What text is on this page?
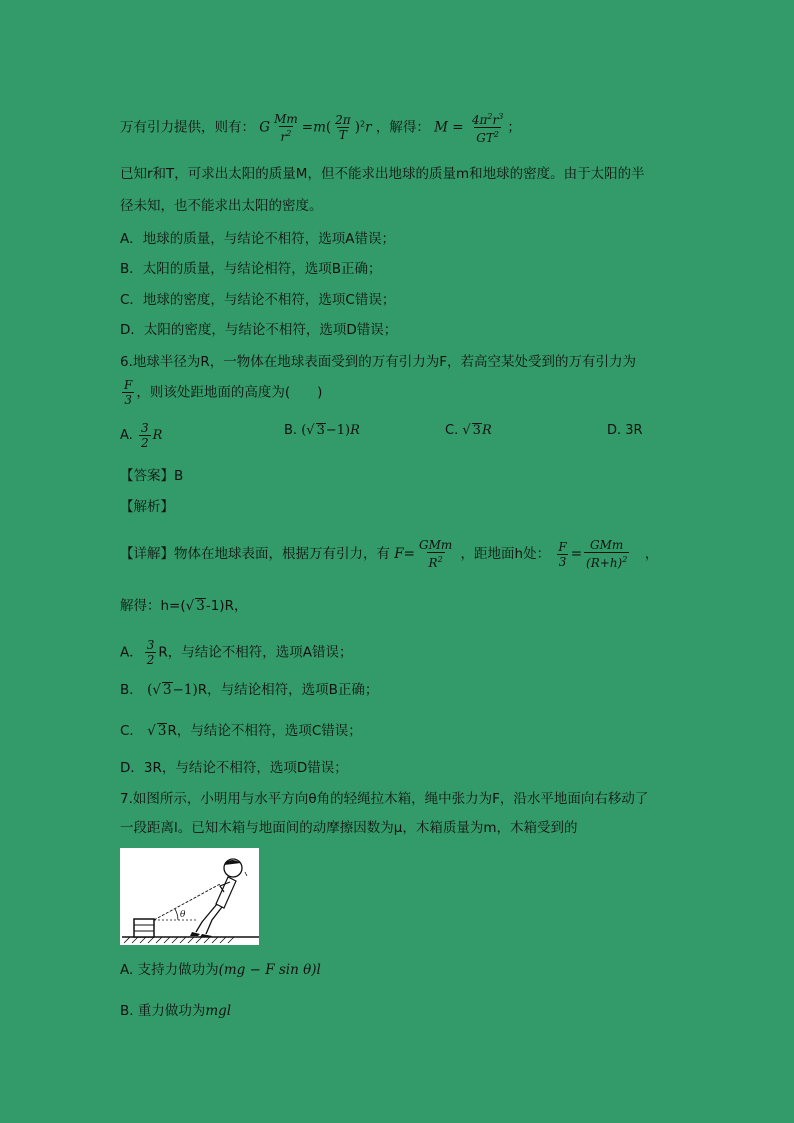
万有引力提供，则有： G $\frac{Mm}{r^2} =m( \frac{2\pi}{T} )^2r$ ，解得： $M = \frac{4\pi^2r^3}{GT^2}$ ；
已知r和T，可求出太阳的质量M，但不能求出地球的质量m和地球的密度。由于太阳的半
径未知，也不能求出太阳的密度。
A．地球的质量，与结论不相符，选项A错误；
B．太阳的质量，与结论相符，选项B正确；
C．地球的密度，与结论不相符，选项C错误；
D．太阳的密度，与结论不相符，选项D错误；
6.地球半径为R，一物体在地球表面受到的万有引力为F，若高空某处受到的万有引力为
$\frac{F}{3}$ ，则该处距地面的高度为(　　)
A. $\frac{3}{2}$ R	B. (√ 3−1)R	C. √ 3R	D. 3R
【答案】B
【解析】
【详解】物体在地球表面，根据万有引力，有 $F= \frac{\text{GMm}}{R^2}$ ，距地面h处： $\frac{F}{3} = \frac{\text{GMm}}{(R+h)^2}$ 　，
解得：h=(√ 3-1)R，
A． $\frac{3}{2}$ R，与结论不相符，选项A错误；
B． (√ 3−1)R，与结论相符，选项B正确；
C． √ 3R，与结论不相符，选项C错误；
D．3R，与结论不相符，选项D错误；
7.如图所示，小明用与水平方向θ角的轻绳拉木箱，绳中张力为F，沿水平地面向右移动了
一段距离l。已知木箱与地面间的动摩擦因数为μ，木箱质量为m，木箱受到的
θ
A. 支持力做功为(mg − F sin θ)l
B. 重力做功为mgl
